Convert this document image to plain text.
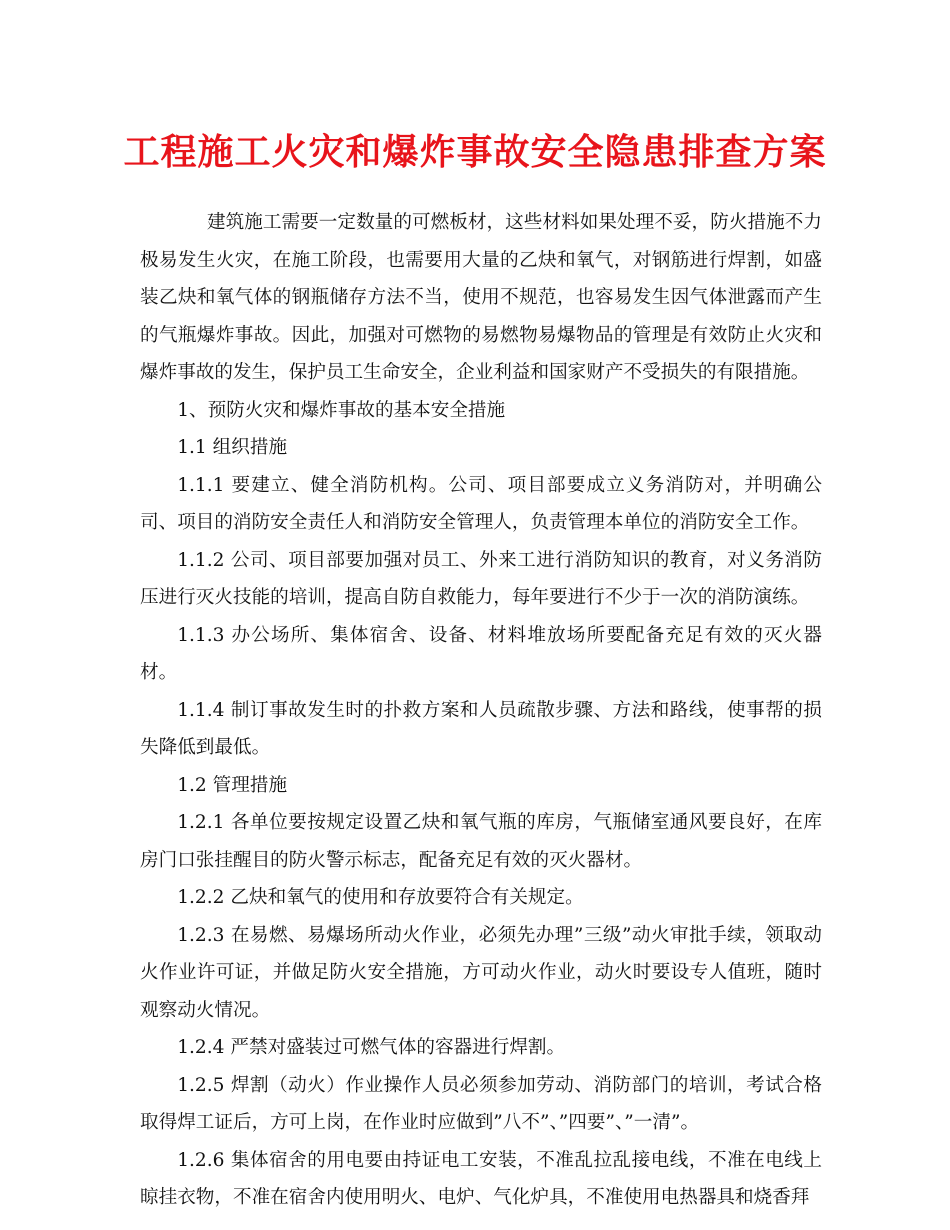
工程施工火灾和爆炸事故安全隐患排查方案

建筑施工需要一定数量的可燃板材，这些材料如果处理不妥，防火措施不力极易发生火灾，在施工阶段，也需要用大量的乙炔和氧气，对钢筋进行焊割，如盛装乙炔和氧气体的钢瓶储存方法不当，使用不规范，也容易发生因气体泄露而产生的气瓶爆炸事故。因此，加强对可燃物的易燃物易爆物品的管理是有效防止火灾和爆炸事故的发生，保护员工生命安全，企业利益和国家财产不受损失的有限措施。

1、预防火灾和爆炸事故的基本安全措施

1.1 组织措施

1.1.1 要建立、健全消防机构。公司、项目部要成立义务消防对，并明确公司、项目的消防安全责任人和消防安全管理人，负责管理本单位的消防安全工作。

1.1.2 公司、项目部要加强对员工、外来工进行消防知识的教育，对义务消防压进行灭火技能的培训，提高自防自救能力，每年要进行不少于一次的消防演练。

1.1.3 办公场所、集体宿舍、设备、材料堆放场所要配备充足有效的灭火器材。

1.1.4 制订事故发生时的扑救方案和人员疏散步骤、方法和路线，使事帮的损失降低到最低。

1.2 管理措施

1.2.1 各单位要按规定设置乙炔和氧气瓶的库房，气瓶储室通风要良好，在库房门口张挂醒目的防火警示标志，配备充足有效的灭火器材。

1.2.2 乙炔和氧气的使用和存放要符合有关规定。

1.2.3 在易燃、易爆场所动火作业，必须先办理”三级”动火审批手续，领取动火作业许可证，并做足防火安全措施，方可动火作业，动火时要设专人值班，随时观察动火情况。

1.2.4 严禁对盛装过可燃气体的容器进行焊割。

1.2.5 焊割（动火）作业操作人员必须参加劳动、消防部门的培训，考试合格取得焊工证后，方可上岗，在作业时应做到”八不”、”四要”、”一清”。

1.2.6 集体宿舍的用电要由持证电工安装，不准乱拉乱接电线，不准在电线上晾挂衣物，不准在宿舍内使用明火、电炉、气化炉具，不准使用电热器具和烧香拜
